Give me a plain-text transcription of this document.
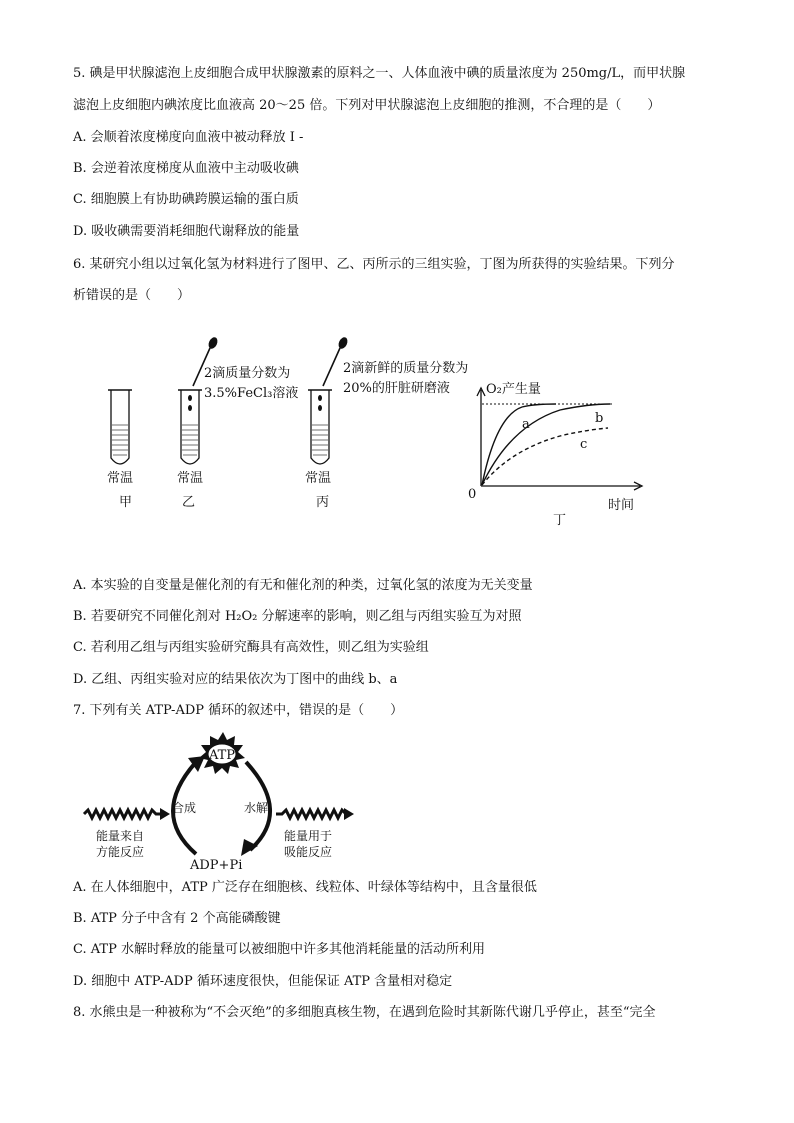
5. 碘是甲状腺滤泡上皮细胞合成甲状腺激素的原料之一、人体血液中碘的质量浓度为 250mg/L，而甲状腺
滤泡上皮细胞内碘浓度比血液高 20～25 倍。下列对甲状腺滤泡上皮细胞的推测，不合理的是（　　）
A. 会顺着浓度梯度向血液中被动释放 I -
B. 会逆着浓度梯度从血液中主动吸收碘
C. 细胞膜上有协助碘跨膜运输的蛋白质
D. 吸收碘需要消耗细胞代谢释放的能量
6. 某研究小组以过氧化氢为材料进行了图甲、乙、丙所示的三组实验，丁图为所获得的实验结果。下列分
析错误的是（　　）
2滴质量分数为
3.5%FeCl₃溶液
2滴新鲜的质量分数为
20%的肝脏研磨液
常温	常温	常温
甲	乙	丙
O₂产生量
时间
0
a	b
c
丁
A. 本实验的自变量是催化剂的有无和催化剂的种类，过氧化氢的浓度为无关变量
B. 若要研究不同催化剂对 H₂O₂ 分解速率的影响，则乙组与丙组实验互为对照
C. 若利用乙组与丙组实验研究酶具有高效性，则乙组为实验组
D. 乙组、丙组实验对应的结果依次为丁图中的曲线 b、a
7. 下列有关 ATP-ADP 循环的叙述中，错误的是（　　）
ATP
合成	水解
能量来自
方能反应
能量用于
吸能反应
ADP+Pi
A. 在人体细胞中，ATP 广泛存在细胞核、线粒体、叶绿体等结构中，且含量很低
B. ATP 分子中含有 2 个高能磷酸键
C. ATP 水解时释放的能量可以被细胞中许多其他消耗能量的活动所利用
D. 细胞中 ATP-ADP 循环速度很快，但能保证 ATP 含量相对稳定
8. 水熊虫是一种被称为“不会灭绝”的多细胞真核生物，在遇到危险时其新陈代谢几乎停止，甚至“完全
